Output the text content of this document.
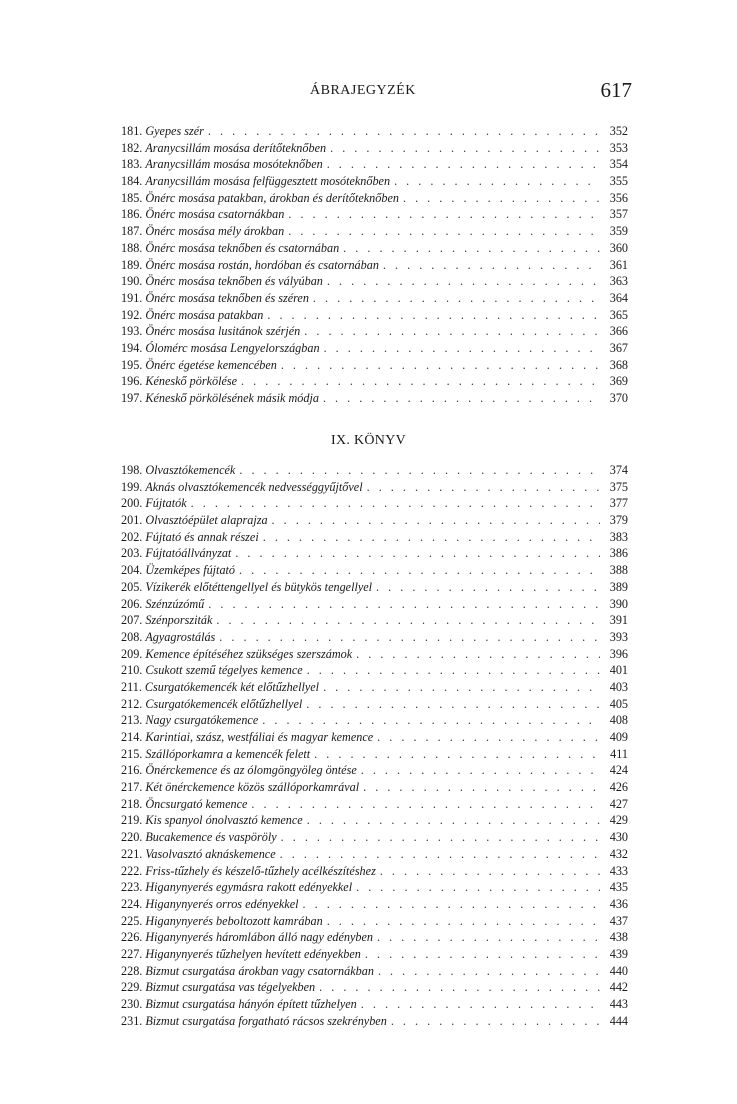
ÁBRAJEGYZÉK	617
181. Gyepes szér . . .	352
182. Aranycsillám mosása derítőteknőben . . .	353
183. Aranycsillám mosása mosóteknőben . . .	354
184. Aranycsillám mosása felfüggesztett mosóteknőben . . .	355
185. Önérc mosása patakban, árokban és derítőteknőben . . .	356
186. Önérc mosása csatornákban . . .	357
187. Önérc mosása mély árokban . . .	359
188. Önérc mosása teknőben és csatornában . . .	360
189. Önérc mosása rostán, hordóban és csatornában . . .	361
190. Önérc mosása teknőben és vályúban . . .	363
191. Önérc mosása teknőben és széren . . .	364
192. Önérc mosása patakban . . .	365
193. Önérc mosása lusitánok szérjén . . .	366
194. Ólomérc mosása Lengyelországban . . .	367
195. Önérc égetése kemencében . . .	368
196. Kéneskő pörkölése . . .	369
197. Kéneskő pörkölésének másik módja . . .	370
IX. KÖNYV
198. Olvasztókemencék . . .	374
199. Aknás olvasztókemencék nedvességgyűjtővel . . .	375
200. Fújtatók . . .	377
201. Olvasztóépület alaprajza . . .	379
202. Fújtató és annak részei . . .	383
203. Fújtatóállványzat . . .	386
204. Üzemképes fújtató . . .	388
205. Vízikerék előtéttengellyel és bütykös tengellyel . . .	389
206. Szénzúzómű . . .	390
207. Szénporsziták . . .	391
208. Agyagrostálás . . .	393
209. Kemence építéséhez szükséges szerszámok . . .	396
210. Csukott szemű tégelyes kemence . . .	401
211. Csurgatókemencék két előtűzhellyel . . .	403
212. Csurgatókemencék előtűzhellyel . . .	405
213. Nagy csurgatókemence . . .	408
214. Karintiai, szász, westfáliai és magyar kemence . . .	409
215. Szállóporkamra a kemencék felett . . .	411
216. Önérckemence és az ólomgöngyöleg öntése . . .	424
217. Két önérckemence közös szállóporkamrával . . .	426
218. Öncsurgató kemence . . .	427
219. Kis spanyol ónolvasztó kemence . . .	429
220. Bucakemence és vaspöröly . . .	430
221. Vasolvasztó aknáskemence . . .	432
222. Friss-tűzhely és készelő-tűzhely acélkészítéshez . . .	433
223. Higanynyerés egymásra rakott edényekkel . . .	435
224. Higanynyerés orros edényekkel . . .	436
225. Higanynyerés beboltozott kamrában . . .	437
226. Higanynyerés háromlábon álló nagy edényben . . .	438
227. Higanynyerés tűzhelyen hevített edényekben . . .	439
228. Bizmut csurgatása árokban vagy csatornákban . . .	440
229. Bizmut csurgatása vas tégelyekben . . .	442
230. Bizmut csurgatása hányón épített tűzhelyen . . .	443
231. Bizmut csurgatása forgatható rácsos szekrényben . . .	444
